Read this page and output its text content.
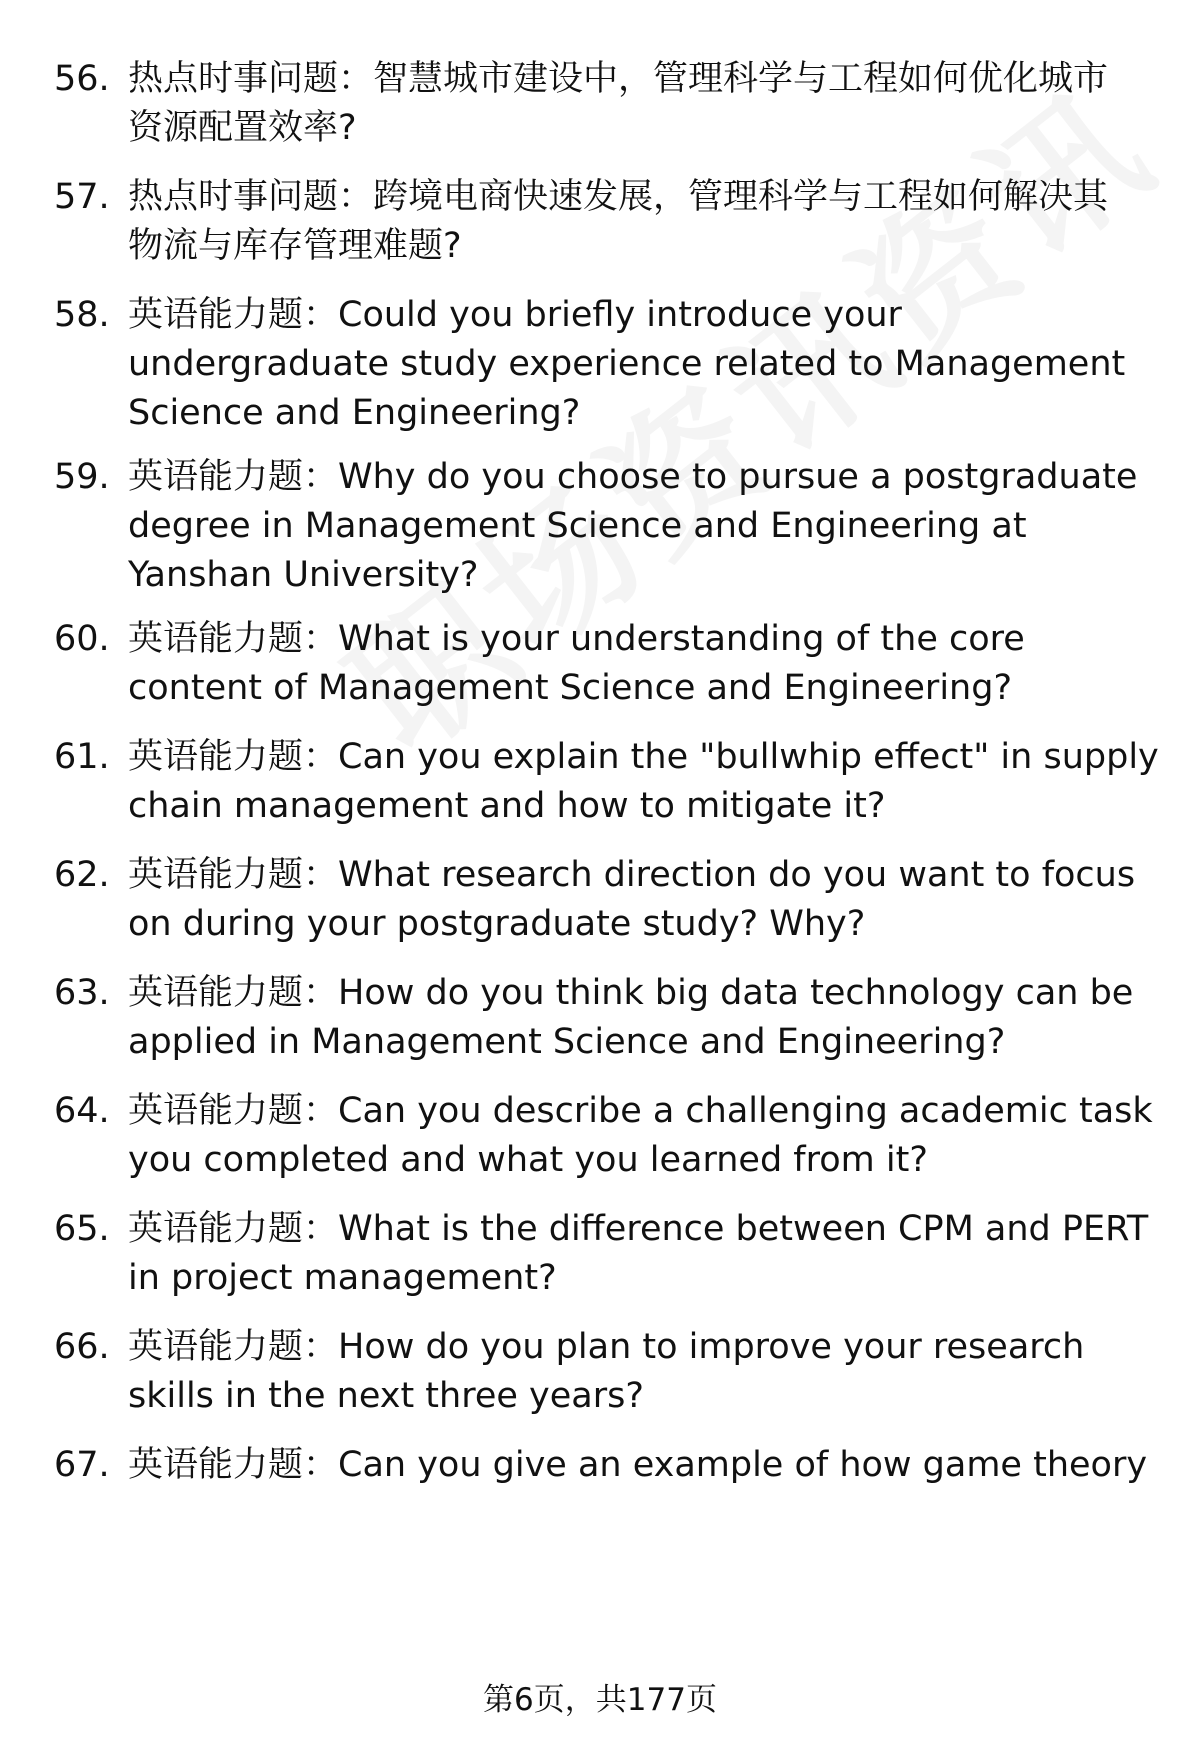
56. 热点时事问题：智慧城市建设中，管理科学与工程如何优化城市
资源配置效率?
57. 热点时事问题：跨境电商快速发展，管理科学与工程如何解决其
物流与库存管理难题?
58. 英语能力题：Could you briefly introduce your
undergraduate study experience related to Management
Science and Engineering?
59. 英语能力题：Why do you choose to pursue a postgraduate
degree in Management Science and Engineering at
Yanshan University?
60. 英语能力题：What is your understanding of the core
content of Management Science and Engineering?
61. 英语能力题：Can you explain the "bullwhip effect" in supply
chain management and how to mitigate it?
62. 英语能力题：What research direction do you want to focus
on during your postgraduate study? Why?
63. 英语能力题：How do you think big data technology can be
applied in Management Science and Engineering?
64. 英语能力题：Can you describe a challenging academic task
you completed and what you learned from it?
65. 英语能力题：What is the difference between CPM and PERT
in project management?
66. 英语能力题：How do you plan to improve your research
skills in the next three years?
67. 英语能力题：Can you give an example of how game theory
第6页，共177页
